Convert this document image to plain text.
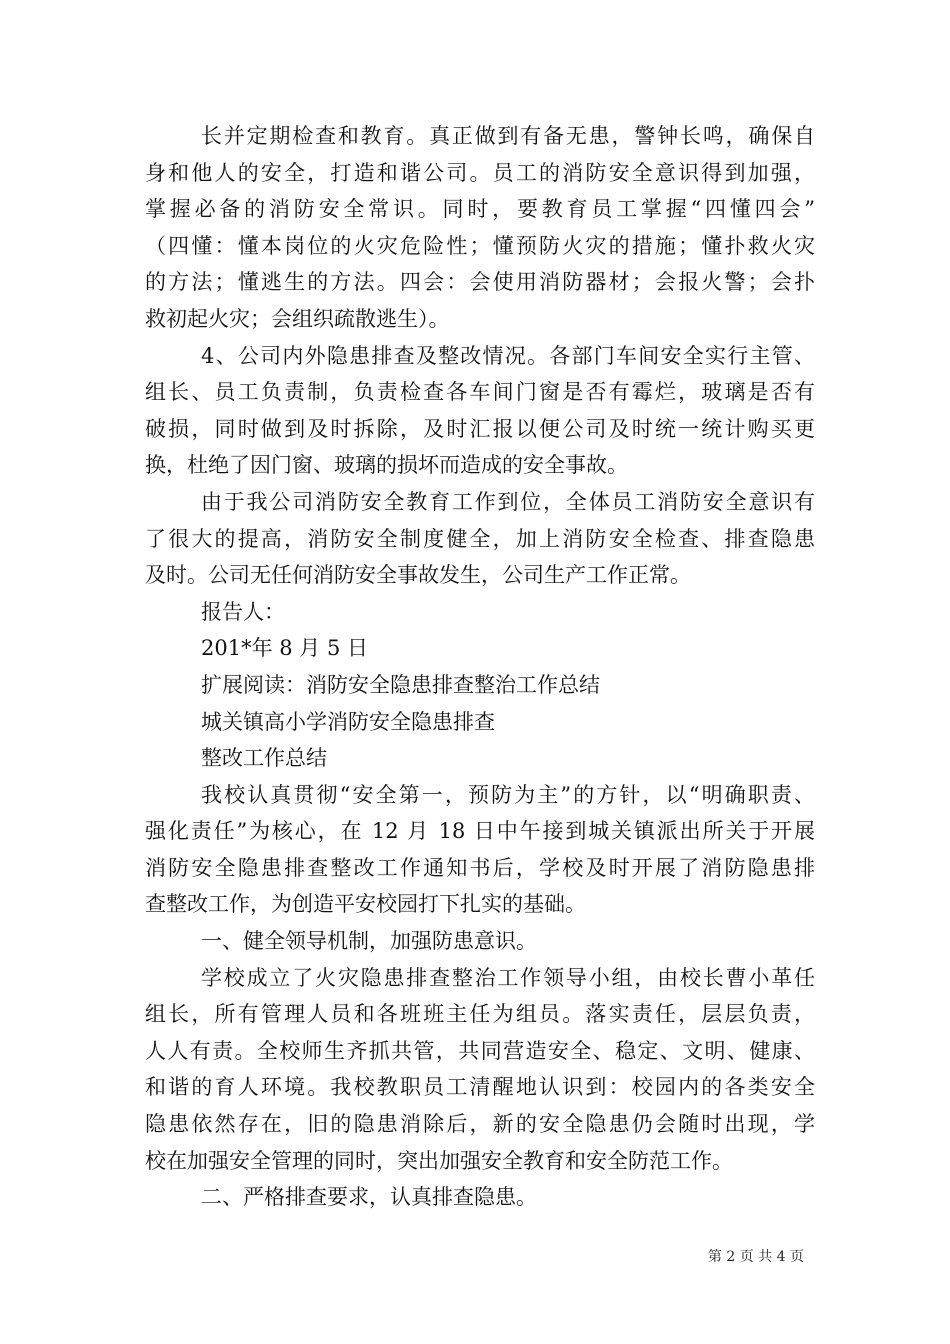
长并定期检查和教育。真正做到有备无患，警钟长鸣，确保自
身和他人的安全，打造和谐公司。员工的消防安全意识得到加强，
掌握必备的消防安全常识。同时，要教育员工掌握“四懂四会”
（四懂：懂本岗位的火灾危险性；懂预防火灾的措施；懂扑救火灾
的方法；懂逃生的方法。四会：会使用消防器材；会报火警；会扑
救初起火灾；会组织疏散逃生）。
4、公司内外隐患排查及整改情况。各部门车间安全实行主管、
组长、员工负责制，负责检查各车间门窗是否有霉烂，玻璃是否有
破损，同时做到及时拆除，及时汇报以便公司及时统一统计购买更
换，杜绝了因门窗、玻璃的损坏而造成的安全事故。
由于我公司消防安全教育工作到位，全体员工消防安全意识有
了很大的提高，消防安全制度健全，加上消防安全检查、排查隐患
及时。公司无任何消防安全事故发生，公司生产工作正常。
报告人：
201*年 8 月 5 日
扩展阅读：消防安全隐患排查整治工作总结
城关镇高小学消防安全隐患排查
整改工作总结
我校认真贯彻“安全第一，预防为主”的方针，以“明确职责、
强化责任”为核心，在 12 月 18 日中午接到城关镇派出所关于开展
消防安全隐患排查整改工作通知书后，学校及时开展了消防隐患排
查整改工作，为创造平安校园打下扎实的基础。
一、健全领导机制，加强防患意识。
学校成立了火灾隐患排查整治工作领导小组，由校长曹小革任
组长，所有管理人员和各班班主任为组员。落实责任，层层负责，
人人有责。全校师生齐抓共管，共同营造安全、稳定、文明、健康、
和谐的育人环境。我校教职员工清醒地认识到：校园内的各类安全
隐患依然存在，旧的隐患消除后，新的安全隐患仍会随时出现，学
校在加强安全管理的同时，突出加强安全教育和安全防范工作。
二、严格排查要求，认真排查隐患。
第 2 页 共 4 页
